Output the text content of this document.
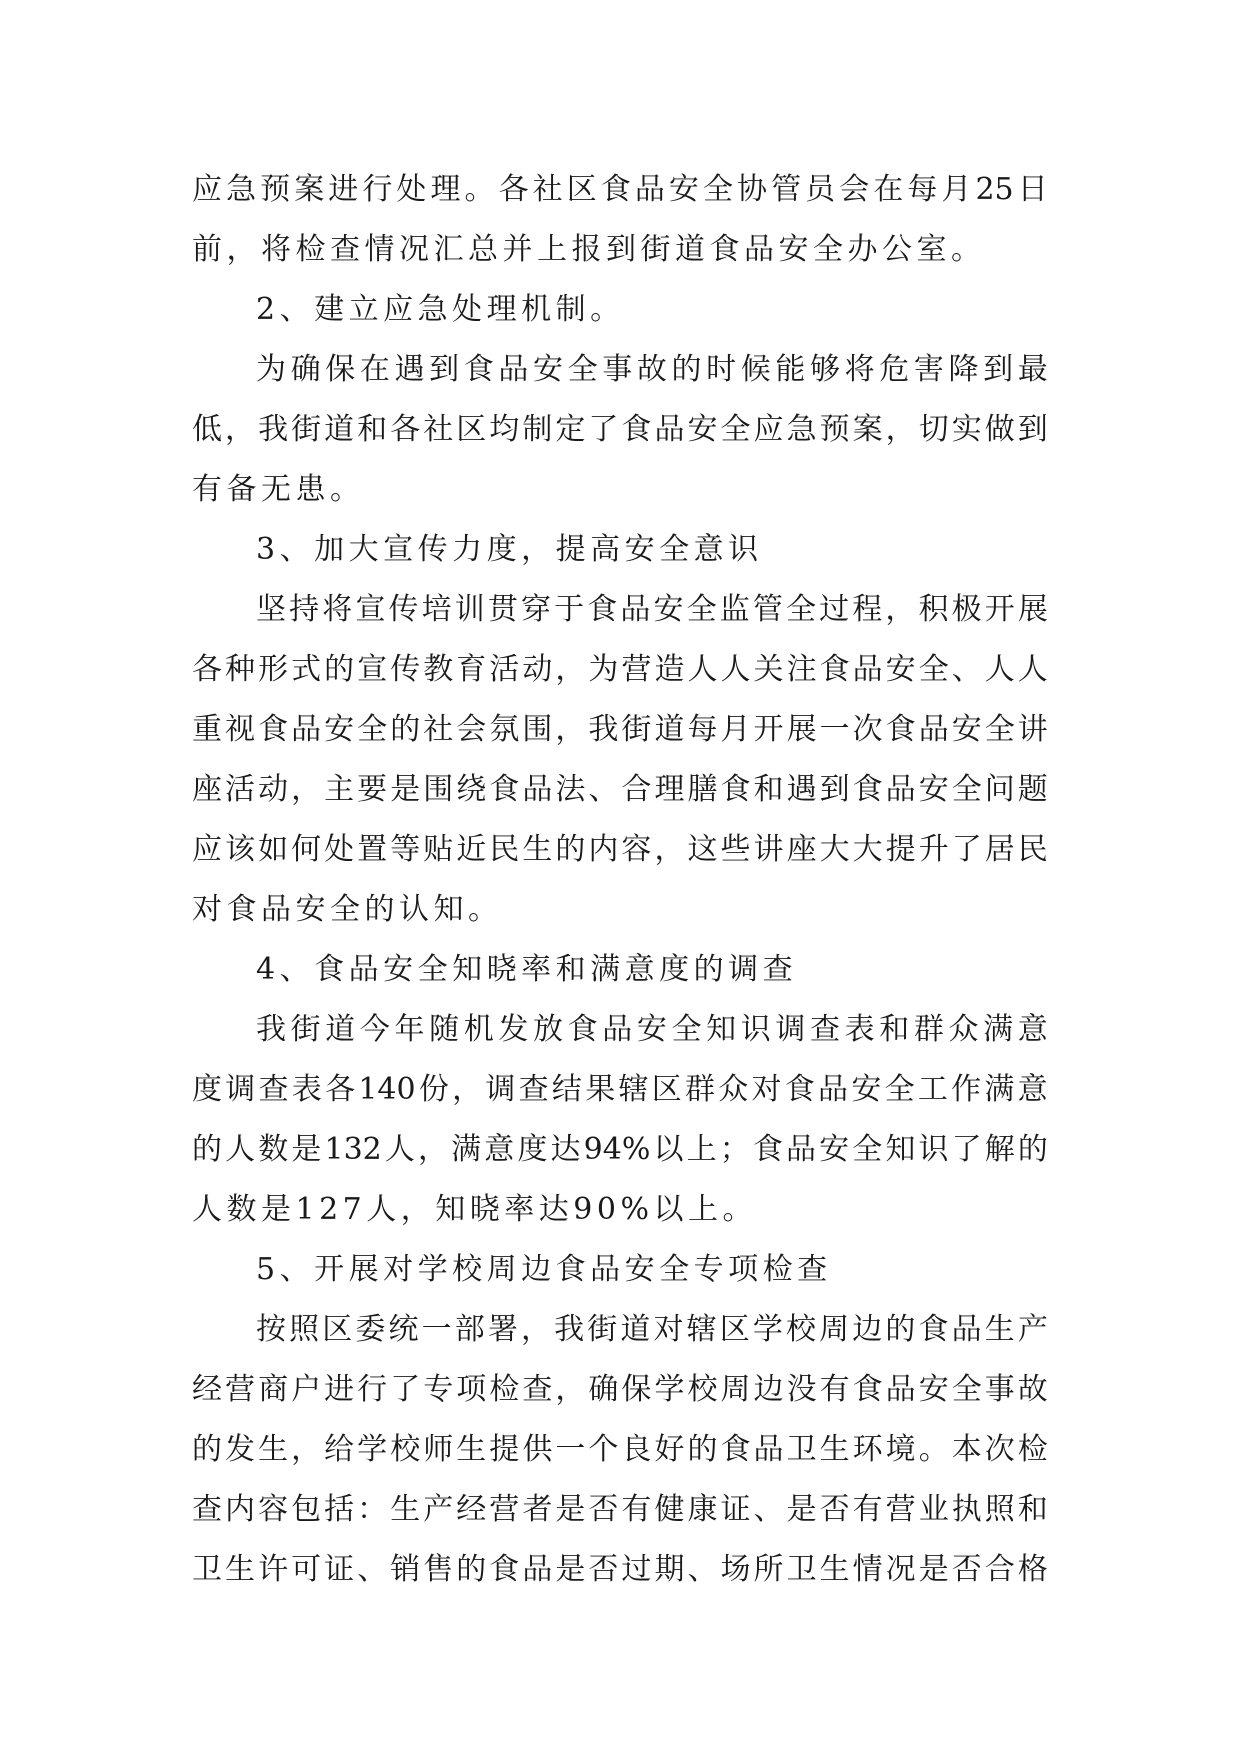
应 急 预 案 进 行 处 理 。 各 社 区 食 品 安 全 协 管 员 会 在 每 月 25 日
前 ， 将 检 查 情 况 汇 总 并 上 报 到 街 道 食 品 安 全 办 公 室 。
2 、 建 立 应 急 处 理 机 制 。
为 确 保 在 遇 到 食 品 安 全 事 故 的 时 候 能 够 将 危 害 降 到 最
低 ， 我 街 道 和 各 社 区 均 制 定 了 食 品 安 全 应 急 预 案 ， 切 实 做 到
有 备 无 患 。
3 、 加 大 宣 传 力 度 ， 提 高 安 全 意 识
坚 持 将 宣 传 培 训 贯 穿 于 食 品 安 全 监 管 全 过 程 ， 积 极 开 展
各 种 形 式 的 宣 传 教 育 活 动 ， 为 营 造 人 人 关 注 食 品 安 全 、 人 人
重 视 食 品 安 全 的 社 会 氛 围 ， 我 街 道 每 月 开 展 一 次 食 品 安 全 讲
座 活 动 ， 主 要 是 围 绕 食 品 法 、 合 理 膳 食 和 遇 到 食 品 安 全 问 题
应 该 如 何 处 置 等 贴 近 民 生 的 内 容 ， 这 些 讲 座 大 大 提 升 了 居 民
对 食 品 安 全 的 认 知 。
4 、 食 品 安 全 知 晓 率 和 满 意 度 的 调 查
我 街 道 今 年 随 机 发 放 食 品 安 全 知 识 调 查 表 和 群 众 满 意
度 调 查 表 各 140 份 ， 调 查 结 果 辖 区 群 众 对 食 品 安 全 工 作 满 意
的 人 数 是 132 人 ， 满 意 度 达 94% 以 上 ； 食 品 安 全 知 识 了 解 的
人 数 是 127 人 ， 知 晓 率 达 90% 以 上 。
5 、 开 展 对 学 校 周 边 食 品 安 全 专 项 检 查
按 照 区 委 统 一 部 署 ， 我 街 道 对 辖 区 学 校 周 边 的 食 品 生 产
经 营 商 户 进 行 了 专 项 检 查 ， 确 保 学 校 周 边 没 有 食 品 安 全 事 故
的 发 生 ， 给 学 校 师 生 提 供 一 个 良 好 的 食 品 卫 生 环 境 。 本 次 检
查 内 容 包 括 ： 生 产 经 营 者 是 否 有 健 康 证 、 是 否 有 营 业 执 照 和
卫 生 许 可 证 、 销 售 的 食 品 是 否 过 期 、 场 所 卫 生 情 况 是 否 合 格
